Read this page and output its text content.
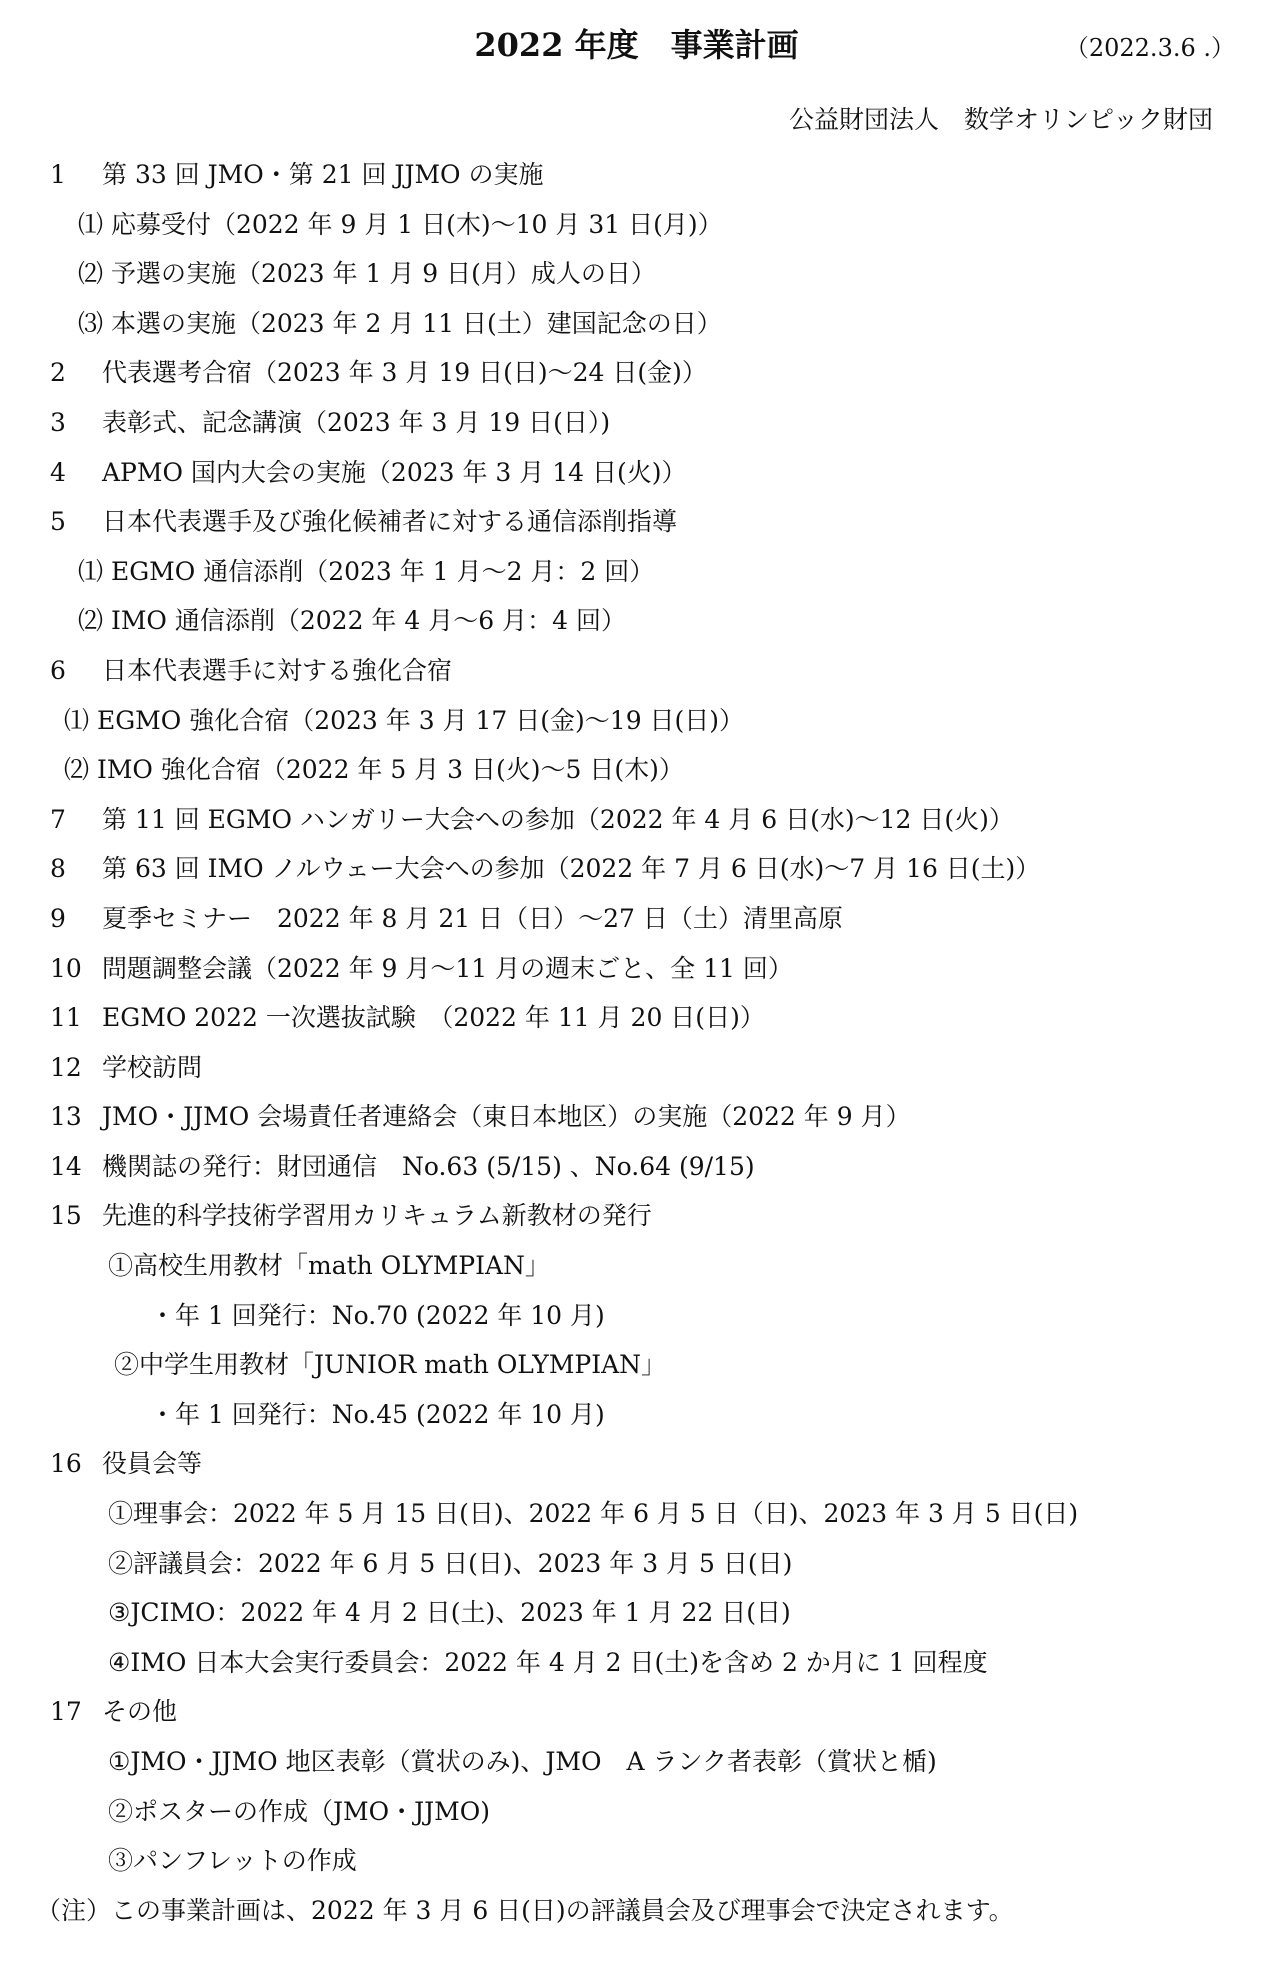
2022 年度　事業計画	（2022.3.6 .）
公益財団法人　数学オリンピック財団
1 第 33 回 JMO・第 21 回 JJMO の実施
⑴ 応募受付（2022 年 9 月 1 日(木)〜10 月 31 日(月)）
⑵ 予選の実施（2023 年 1 月 9 日(月）成人の日）
⑶ 本選の実施（2023 年 2 月 11 日(土）建国記念の日）
2 代表選考合宿（2023 年 3 月 19 日(日)〜24 日(金)）
3 表彰式、記念講演（2023 年 3 月 19 日(日）)
4 APMO 国内大会の実施（2023 年 3 月 14 日(火)）
5 日本代表選手及び強化候補者に対する通信添削指導
⑴ EGMO 通信添削（2023 年 1 月〜2 月：2 回）
⑵ IMO 通信添削（2022 年 4 月〜6 月：4 回）
6 日本代表選手に対する強化合宿
⑴ EGMO 強化合宿（2023 年 3 月 17 日(金)〜19 日(日)）
⑵ IMO 強化合宿（2022 年 5 月 3 日(火)〜5 日(木)）
7 第 11 回 EGMO ハンガリー大会への参加（2022 年 4 月 6 日(水)〜12 日(火)）
8 第 63 回 IMO ノルウェー大会への参加（2022 年 7 月 6 日(水)〜7 月 16 日(土)）
9 夏季セミナー　2022 年 8 月 21 日（日）〜27 日（土）清里高原
10 問題調整会議（2022 年 9 月〜11 月の週末ごと、全 11 回）
11 EGMO 2022 一次選抜試験　（2022 年 11 月 20 日(日)）
12 学校訪問
13 JMO・JJMO 会場責任者連絡会（東日本地区）の実施（2022 年 9 月）
14 機関誌の発行：財団通信　No.63 (5/15) 、No.64 (9/15)
15 先進的科学技術学習用カリキュラム新教材の発行
①高校生用教材「math OLYMPIAN」
・年 1 回発行：No.70 (2022 年 10 月)
②中学生用教材「JUNIOR math OLYMPIAN」
・年 1 回発行：No.45 (2022 年 10 月)
16 役員会等
①理事会：2022 年 5 月 15 日(日)、2022 年 6 月 5 日（日)、2023 年 3 月 5 日(日)
②評議員会：2022 年 6 月 5 日(日)、2023 年 3 月 5 日(日)
③JCIMO：2022 年 4 月 2 日(土)、2023 年 1 月 22 日(日)
④IMO 日本大会実行委員会：2022 年 4 月 2 日(土)を含め 2 か月に 1 回程度
17 その他
①JMO・JJMO 地区表彰（賞状のみ)、JMO　A ランク者表彰（賞状と楯)
②ポスターの作成（JMO・JJMO)
③パンフレットの作成
（注）この事業計画は、2022 年 3 月 6 日(日)の評議員会及び理事会で決定されます。
